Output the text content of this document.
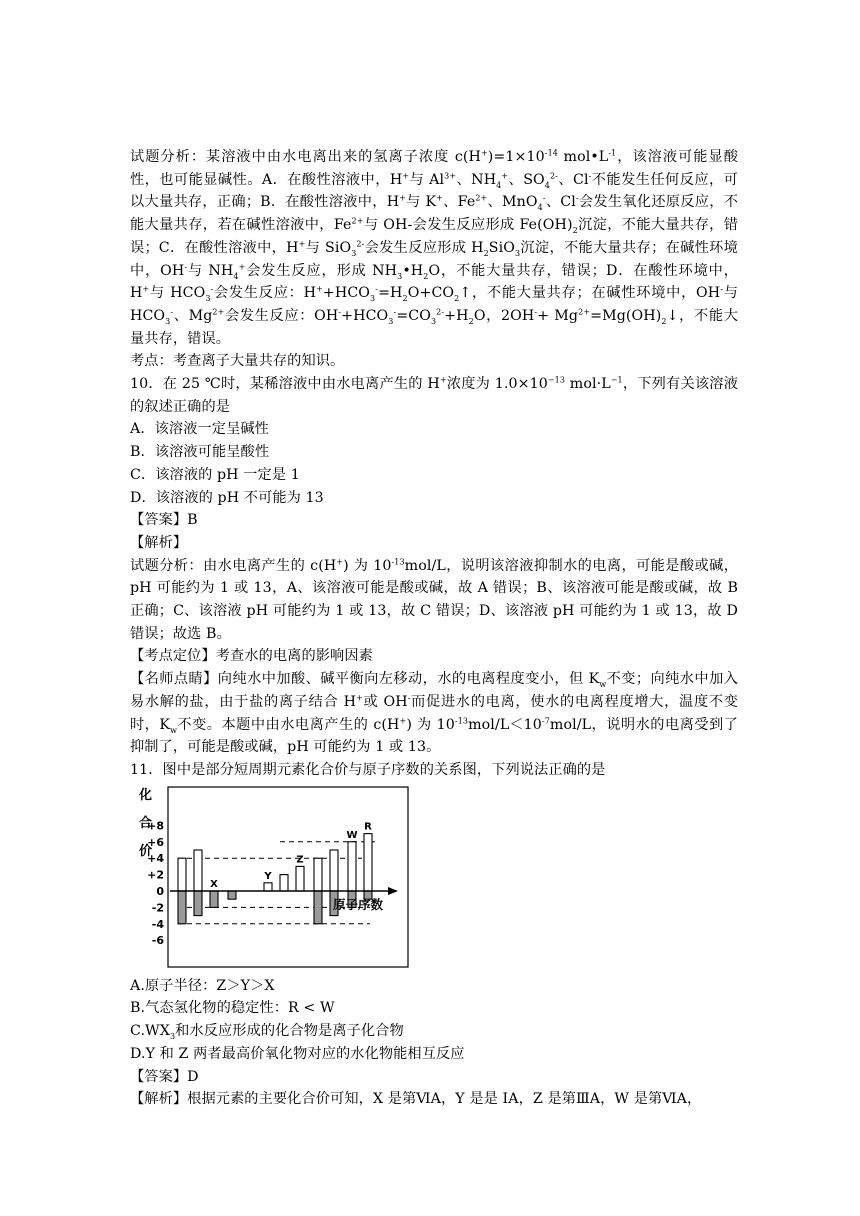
试题分析：某溶液中由水电离出来的氢离子浓度 $c(H^+)=1\times 10^{-14}$ $mol•L^{-1}$，该溶液可能显酸性，也可能显碱性。A．在酸性溶液中，H+与 $Al^{3+}$、$NH_4^+$、$SO_4^{2-}$、Cl-不能发生任何反应，可以大量共存，正确；B．在酸性溶液中，H+与 K+、$Fe^{2+}$、MnO$_4$-、Cl-会发生氧化还原反应，不能大量共存，若在碱性溶液中，$Fe^{2+}$与 OH-会发生反应形成 $Fe(OH)_2$沉淀，不能大量共存，错误；C．在酸性溶液中，H+与 SiO$_3^{2-}$会发生反应形成 $H_2SiO_3$沉淀，不能大量共存；在碱性环境中，OH-与 $NH_4^+$会发生反应，形成 $NH_3•H_2O$，不能大量共存，错误；D．在酸性环境中，H+与 $HCO_3^-$会发生反应：$H^++HCO_3^-=H_2O+CO_2↑$，不能大量共存；在碱性环境中，OH-与 $HCO_3^-$、$Mg^{2+}$会发生反应：$OH^-+HCO_3^-=CO_3^{2-}+H_2O$，$2OH^-+ Mg^{2+}=Mg(OH)_2↓$，不能大量共存，错误。

考点：考查离子大量共存的知识。

10．在 25 ℃时，某稀溶液中由水电离产生的 H+浓度为 $1.0\times 10^{-13}$ $mol\cdot L^{-1}$，下列有关该溶液的叙述正确的是

A．该溶液一定呈碱性

B．该溶液可能呈酸性

C．该溶液的 pH 一定是 1

D．该溶液的 pH 不可能为 13

【答案】B

【解析】

试题分析：由水电离产生的 c(H+) 为 $10^{-13}mol/L$，说明该溶液抑制水的电离，可能是酸或碱，pH 可能约为 1 或 13，A、该溶液可能是酸或碱，故 A 错误；B、该溶液可能是酸或碱，故 B 正确；C、该溶液 pH 可能约为 1 或 13，故 C 错误；D、该溶液 pH 可能约为 1 或 13，故 D 错误；故选 B。

【考点定位】考查水的电离的影响因素

【名师点睛】向纯水中加酸、碱平衡向左移动，水的电离程度变小，但 $K_w$不变；向纯水中加入易水解的盐，由于盐的离子结合 H+或 OH-而促进水的电离，使水的电离程度增大，温度不变时，$K_w$不变。本题中由水电离产生的 c(H+) 为 $10^{-13}mol/L<10^{-7}mol/L$，说明水的电离受到了抑制了，可能是酸或碱，pH 可能约为 1 或 13。

11．图中是部分短周期元素化合价与原子序数的关系图，下列说法正确的是

化
合
价
+8
+6
+4
+2
0
-2
-4
-6
X
Y
Z
W
R
原子序数

A.原子半径：Z＞Y＞X

B.气态氢化物的稳定性：R < W

$C.WX_3$和水反应形成的化合物是离子化合物

D.Y 和 Z 两者最高价氧化物对应的水化物能相互反应

【答案】D

【解析】根据元素的主要化合价可知，X 是第ⅥA，Y 是是 IA，Z 是第ⅢA，W 是第ⅥA，
